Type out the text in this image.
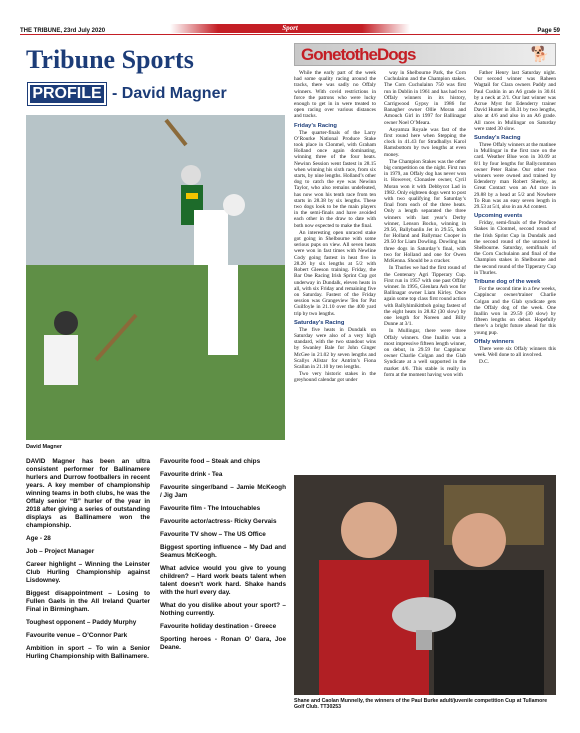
THE TRIBUNE, 23rd July 2020	Sport	Page 59
Tribune Sports
PROFILE - David Magner
David Magner

DAVID Magner has been an ultra consistent performer for Ballinamere hurlers and Durrow footballers in recent years. A key member of championship winning teams in both clubs, he was the Offaly senior “B” hurler of the year in 2018 after giving a series of outstanding displays as Ballinamere won the championship.

Age - 28

Job – Project Manager

Career highlight – Winning the Leinster Club Hurling Championship against Lisdowney.

Biggest disappointment – Losing to Fullen Gaels in the All Ireland Quarter Final in Birmingham.

Toughest opponent – Paddy Murphy

Favourite venue – O’Connor Park

Ambition in sport – To win a Senior Hurling Championship with Ballinamere.

Favourite food – Steak and chips

Favourite drink - Tea

Favourite singer/band – Jamie McKeogh / Jig Jam

Favourite film - The Intouchables

Favourite actor/actress- Ricky Gervais

Favourite TV show – The US Office

Biggest sporting influence – My Dad and Seamus McKeogh.

What advice would you give to young children? – Hard work beats talent when talent doesn't work hard. Shake hands with the hurl every day.

What do you dislike about your sport? – Nothing currently.

Favourite holiday destination - Greece

Sporting heroes - Ronan O’ Gara, Joe Deane.

GonetotheDogs	🐕

While the early part of the week had some quality racing around the tracks, there was sadly no Offaly winners. With covid restrictions in force the patrons who were lucky enough to get in in were treated to open racing over various distances and tracks.

Friday’s Racing

The quarter-finals of the Larry O’Rourke National Produce Stake took place in Clonmel, with Graham Holland once again dominating, winning three of the four heats. Newinn Session went fastest in 28.15 when winning his sixth race, from six starts, by nine lengths. Holland’s other dog to catch the eye was Newinn Taylor, who also remains undefeated, has now won his tenth race from ten starts in 28.38 by six lengths. These two dogs look to be the main players in the semi-finals and have avoided each other in the draw to date with both now expected to make the final.

An interesting open unraced stake got going in Shelbourne with some serious pups on view. All seven heats were won in fast times with Newline Cody going fastest in heat five in 28.26 by six lengths at 5/2 with Robert Gleeson training. Friday, the Bar One Racing Irish Sprint Cup got underway in Dundalk, eleven heats in all, with six Friday and remaining five on Saturday. Fastest of the Friday session was Grangeview Ten for Pat Guilfoyle in 21.10 over the 400 yard trip by two lengths.

Saturday’s Racing

The five heats in Dundalk on Saturday were also of a very high standard, with the two standout wins by Swanley Bale for John Ginger McGee in 21.02 by seven lengths and Scallys Allstar for Antrim’s Fiona Scallan in 21.10 by ten lengths.

Two very historic stakes in the greyhound calendar got under

way in Shelbourne Park, the Corn Cuchulainn and the Champion stakes. The Corn Cuchulainn 750 was first run in Dublin in 1961 and has had two Offaly winners in its history, Carrigwood Gypsy in 1986 for Banagher owner Ollie Moran and Amouch Girl in 1997 for Ballinagar owner Noel O’Meara.

Aoyamza Royale was fast of the first round here when Stepping the clock in 41.43 for Stradballys Karol Ramsbottom by two lengths at even money.

The Champion Stakes was the other big competition on the night. First run in 1979, an Offaly dog has never won it. However, Clonaslee owner, Cyril Moran won it with Debbycot Lad in 1982. Only eighteen dogs went to post with two qualifying for Saturday’s final from each of the three heats. Only a length separated the three winners with last year’s Derby winner, Lenson Bocko, winning in 29.56, Ballybanlin Jet in 29.55, both for Holland and Ballymac Cooper in 29.50 for Liam Dowling. Dowling has three dogs in Saturday’s final, with two for Holland and one for Owen McKenna. Should be a cracker.

In Thurles we had the first round of the Centenary Agri Tipperary Cup. First run in 1957 with one past Offaly winner. In 1995, Glenlara Ash won for Ballinagar owner Liam Kirley. Once again some top class first round action with Ballyhimikittboh going fastest of the eight heats in 28.82 (30 slow) by one length for Noreen and Billy Dunne at 3/1.

In Mullingar, there were three Offaly winners. One Inallin was a most impressive fifteen length winner, on debut, in 29.59 for Cappincur owner Charlie Colgan and the Glab Syndicate at a well supported in the market 4/6. This stable is really in form at the moment having won with

Father Henry last Saturday night. Our second winner was Raheen Wagtail for Clara owners Paddy and Paul Cushin in an A6 grade in 30.61 by a neck at 2/1. Our last winner was Acrue Myst for Edenderry trainer David Hunter in 30.31 by two lengths, also at 4/6 and also in an A6 grade. All races in Mullingar on Saturday were rated 30 slow.

Sunday’s Racing

Three Offaly winners at the matinee in Mullingar in the first race on the card. Weather Blue won in 30.09 at 8/1 by four lengths for Ballycommon owner Peter Raine. Our other two winners were owned and trained by Edenderry man Robert Sheehy, as Great Contact won an A4 race in 29.88 by a head at 5/2 and Nowhere To Run was an easy seven length in 29.53 at 5/4, also in an A4 contest.

Upcoming events

Friday, semi-finals of the Produce Stakes in Clonmel, second round of the Irish Sprint Cup in Dundalk and the second round of the unraced in Shelbourne. Saturday, semifinals of the Corn Cuchulainn and final of the Champion stakes in Shelbourne and the second round of the Tipperary Cup in Thurles.

Tribune dog of the week

For the second time in a few weeks, Cappincur owner/trainer Charlie Colgan and the Glab syndicate gets the Offaly dog of the week. One Inallin won in 29.59 (30 slow) by fifteen lengths on debut. Hopefully there’s a bright future ahead for this young pup.

Offaly winners

There were six Offaly winners this week. Well done to all involved.

D.C.

Shane and Caolan Munnelly, the winners of the Paul Burke adult/juvenile competition Cup at Tullamore Golf Club. TT30253
